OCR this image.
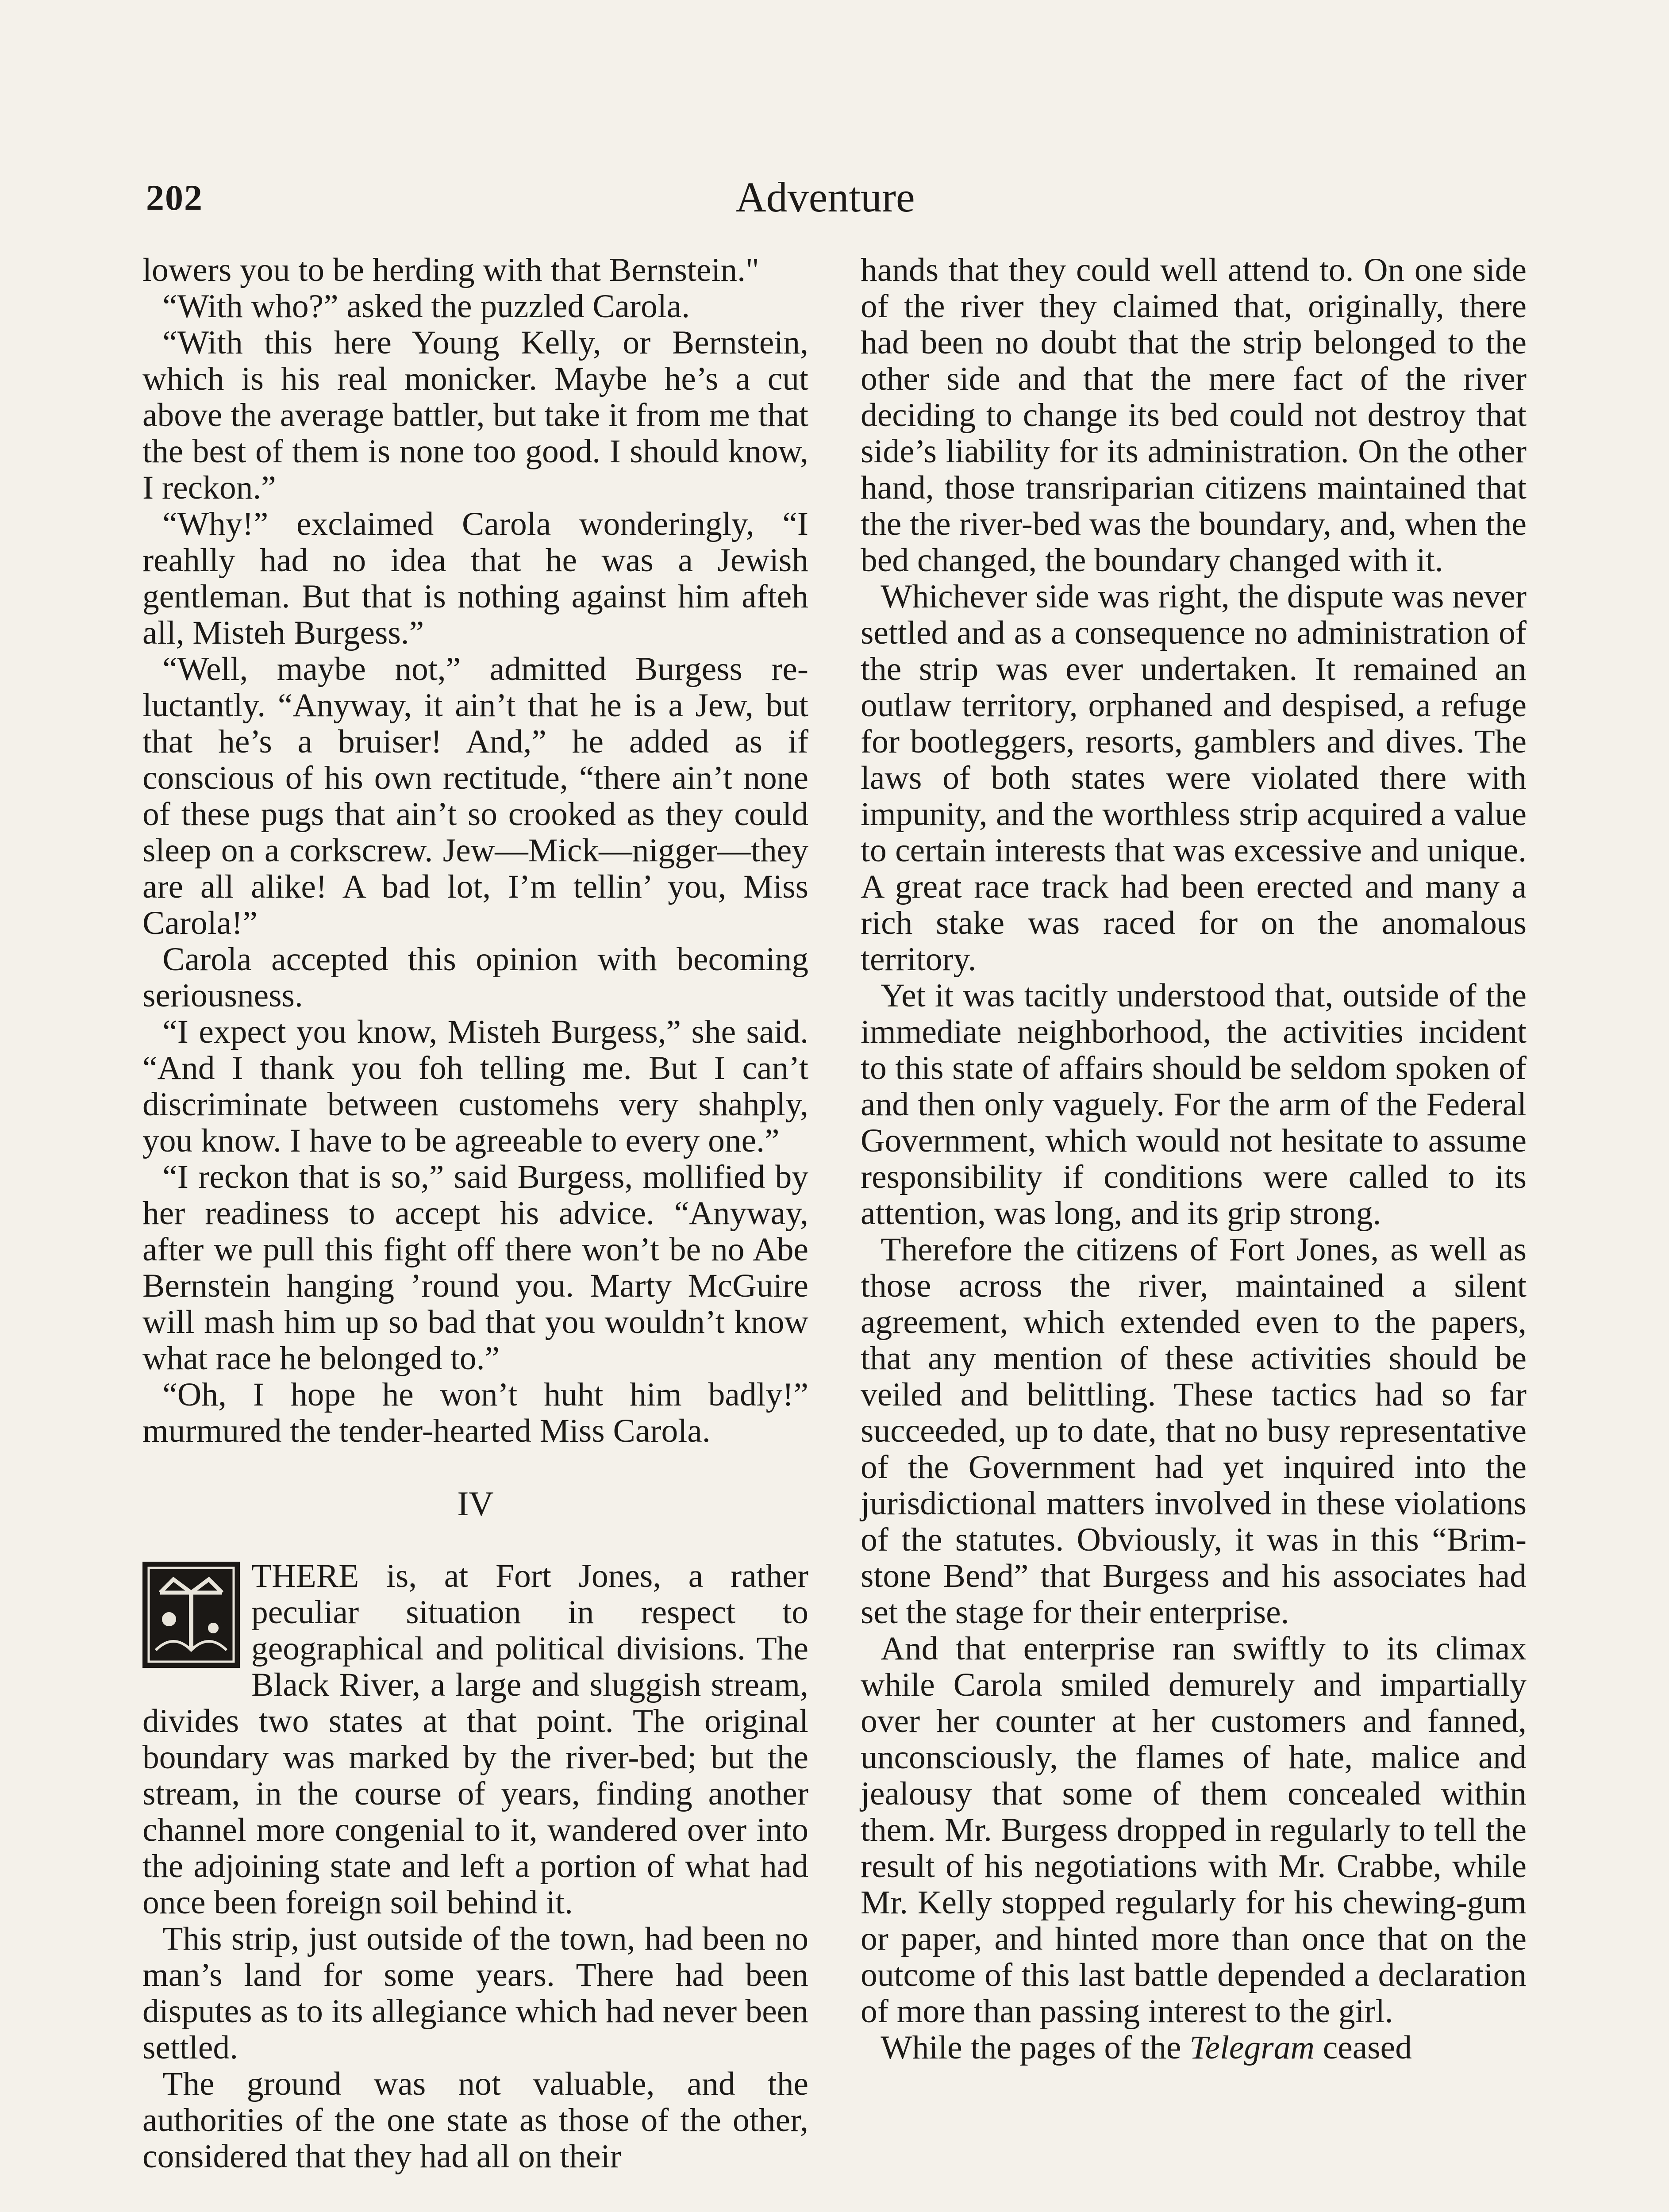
202	Adventure

lowers you to be herding with that Bernstein."

“With who?” asked the puzzled Carola.

“With this here Young Kelly, or Bernstein, which is his real monicker. Maybe he’s a cut above the average battler, but take it from me that the best of them is none too good. I should know, I reckon.”

“Why!” exclaimed Carola wonderingly, “I reahlly had no idea that he was a Jewish gentleman. But that is nothing against him afteh all, Misteh Burgess.”

“Well, maybe not,” admitted Burgess reluctantly. “Anyway, it ain’t that he is a Jew, but that he’s a bruiser! And,” he added as if conscious of his own rectitude, “there ain’t none of these pugs that ain’t so crooked as they could sleep on a corkscrew. Jew—Mick—nigger—they are all alike! A bad lot, I’m tellin’ you, Miss Carola!”

Carola accepted this opinion with becoming seriousness.

“I expect you know, Misteh Burgess,” she said. “And I thank you foh telling me. But I can’t discriminate between customehs very shahply, you know. I have to be agreeable to every one.”

“I reckon that is so,” said Burgess, mollified by her readiness to accept his advice. “Anyway, after we pull this fight off there won’t be no Abe Bernstein hanging ’round you. Marty McGuire will mash him up so bad that you wouldn’t know what race he belonged to.”

“Oh, I hope he won’t huht him badly!” murmured the tender-hearted Miss Carola.

IV

THERE is, at Fort Jones, a rather peculiar situation in respect to geographical and political divisions. The Black River, a large and sluggish stream, divides two states at that point. The original boundary was marked by the river-bed; but the stream, in the course of years, finding another channel more congenial to it, wandered over into the adjoining state and left a portion of what had once been foreign soil behind it.

This strip, just outside of the town, had been no man’s land for some years. There had been disputes as to its allegiance which had never been settled.

The ground was not valuable, and the authorities of the one state as those of the other, considered that they had all on their

hands that they could well attend to. On one side of the river they claimed that, originally, there had been no doubt that the strip belonged to the other side and that the mere fact of the river deciding to change its bed could not destroy that side’s liability for its administration. On the other hand, those transriparian citizens maintained that the the river-bed was the boundary, and, when the bed changed, the boundary changed with it.

Whichever side was right, the dispute was never settled and as a consequence no administration of the strip was ever undertaken. It remained an outlaw territory, orphaned and despised, a refuge for bootleggers, resorts, gamblers and dives. The laws of both states were violated there with impunity, and the worthless strip acquired a value to certain interests that was excessive and unique. A great race track had been erected and many a rich stake was raced for on the anomalous territory.

Yet it was tacitly understood that, outside of the immediate neighborhood, the activities incident to this state of affairs should be seldom spoken of and then only vaguely. For the arm of the Federal Government, which would not hesitate to assume responsibility if conditions were called to its attention, was long, and its grip strong.

Therefore the citizens of Fort Jones, as well as those across the river, maintained a silent agreement, which extended even to the papers, that any mention of these activities should be veiled and belittling. These tactics had so far succeeded, up to date, that no busy representative of the Government had yet inquired into the jurisdictional matters involved in these violations of the statutes. Obviously, it was in this “Brimstone Bend” that Burgess and his associates had set the stage for their enterprise.

And that enterprise ran swiftly to its climax while Carola smiled demurely and impartially over her counter at her customers and fanned, unconsciously, the flames of hate, malice and jealousy that some of them concealed within them. Mr. Burgess dropped in regularly to tell the result of his negotiations with Mr. Crabbe, while Mr. Kelly stopped regularly for his chewing-gum or paper, and hinted more than once that on the outcome of this last battle depended a declaration of more than passing interest to the girl.

While the pages of the Telegram ceased
